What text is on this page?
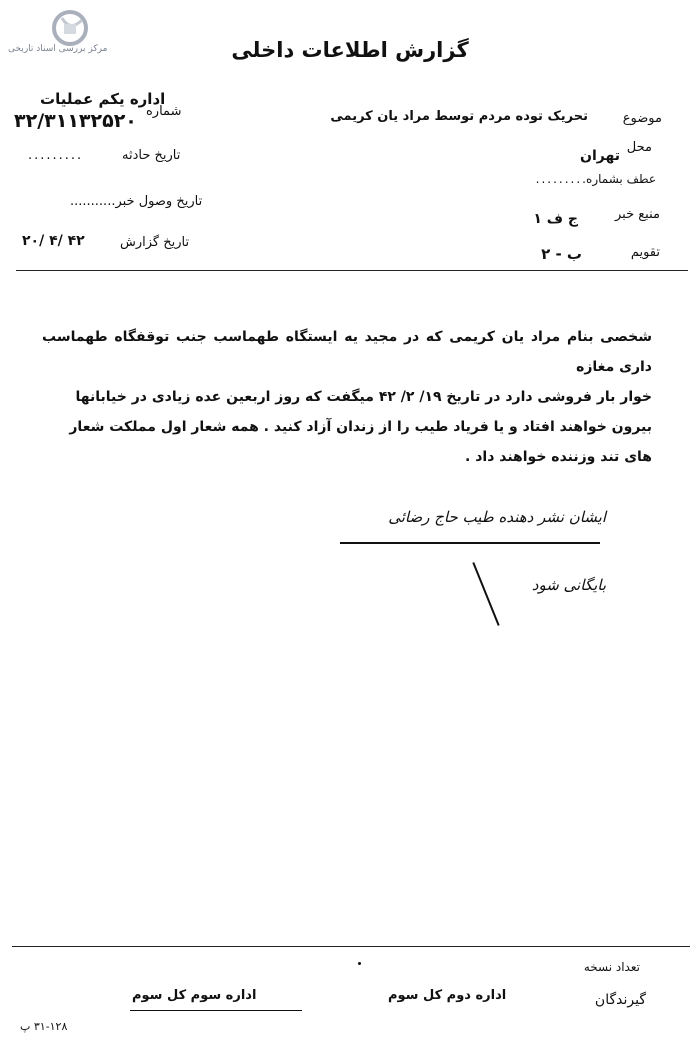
مرکز بررسی اسناد تاریخی	گزارش اطلاعات داخلی
اداره یکم عملیات
شماره
۳۲/۳۱۱۳۲۵۲۰
تاریخ حادثه
.........
تاریخ وصول خبر...........
تاریخ گزارش
۲۰/ ۴/ ۴۲
موضوع
تحریک توده مردم توسط مراد یان کریمی
محل
تهران
عطف بشماره
.........
منبع خبر
ج ف ۱
تقویم
ب - ۲

شخصی بنام مراد یان کریمی که در مجید یه ایستگاه طهماسب جنب توقفگاه طهماسب داری مغازه

خوار بار فروشی دارد در تاریخ ۱۹/ ۲/ ۴۲ میگفت که روز اربعین عده زیادی در خیابانها

بیرون خواهند افتاد و یا فریاد طیب را از زندان آزاد کنید . همه شعار اول مملکت شعار

های تند وزننده خواهند داد .

ایشان نشر دهنده طیب حاج رضائی
بایگانی شود
تعداد نسخه
گیرندگان
اداره دوم کل سوم
اداره سوم کل سوم
۳۱-۱۲۸ پ
